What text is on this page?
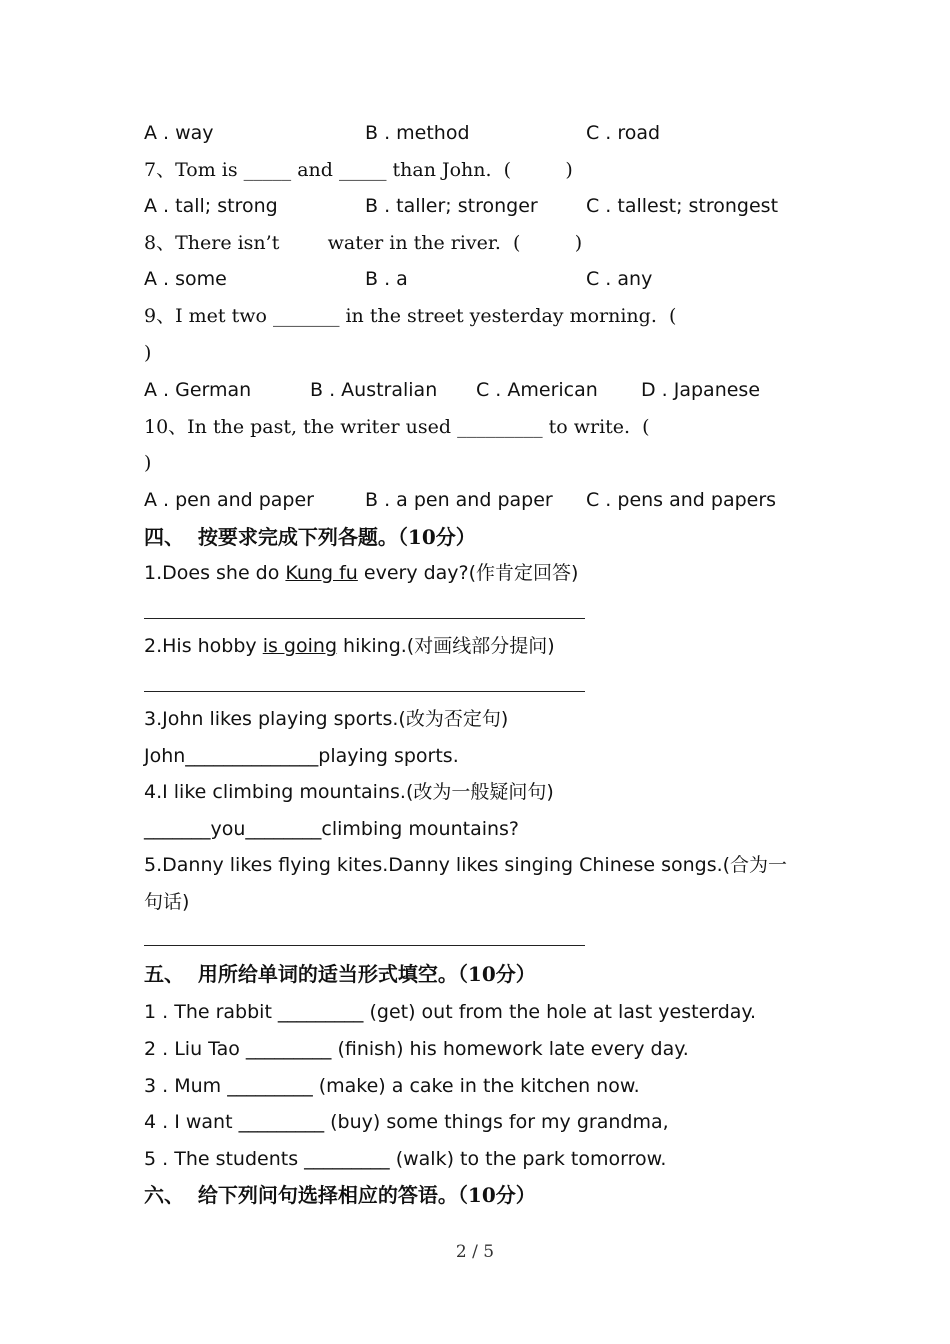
A . way	B . method	C . road
7、Tom is _____ and _____ than John.  (         )
A . tall; strong	B . taller; stronger	C . tallest; strongest
8、There isn’t        water in the river.  (         )
A . some	B . a	C . any
9、I met two _______ in the street yesterday morning.  (
)
A . German	B . Australian C . American D . Japanese
10、In the past, the writer used _________ to write.  (
)
A . pen and paper	B . a pen and paper C . pens and papers
四、  按要求完成下列各题。（10分）
1.Does she do Kung fu every day?(作肯定回答)
2.His hobby is going hiking.(对画线部分提问)
3.John likes playing sports.(改为否定句)
John______________playing sports.
4.I like climbing mountains.(改为一般疑问句)
_______you________climbing mountains?
5.Danny likes flying kites.Danny likes singing Chinese songs.(合为一
句话)
五、  用所给单词的适当形式填空。（10分）
1 . The rabbit _________ (get) out from the hole at last yesterday.
2 . Liu Tao _________ (finish) his homework late every day.
3 . Mum _________ (make) a cake in the kitchen now.
4 . I want _________ (buy) some things for my grandma,
5 . The students _________ (walk) to the park tomorrow.
六、  给下列问句选择相应的答语。（10分）
2 / 5
